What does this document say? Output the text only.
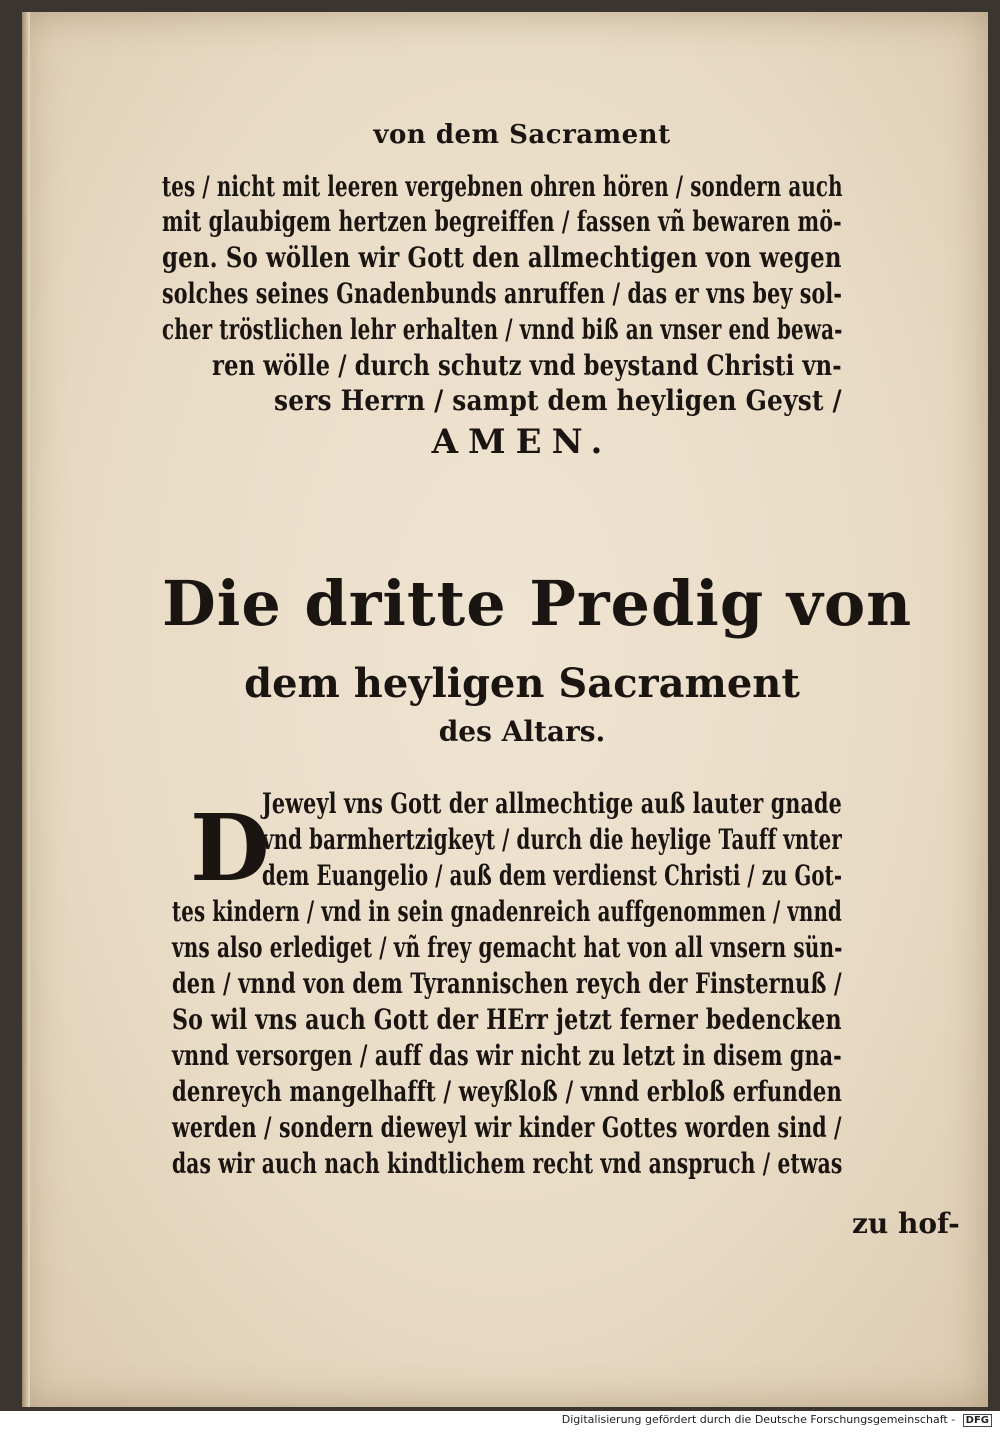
von dem Sacrament
tes / nicht mit leeren vergebnen ohren hören / sondern auch
mit glaubigem hertzen begreiffen / fassen vñ bewaren mö-
gen. So wöllen wir Gott den allmechtigen von wegen
solches seines Gnadenbunds anruffen / das er vns bey sol-
cher tröstlichen lehr erhalten / vnnd biß an vnser end bewa-
ren wölle / durch schutz vnd beystand Christi vn-
sers Herrn / sampt dem heyligen Geyst /
AMEN.
Die dritte Predig von
dem heyligen Sacrament
des Altars.
D
Jeweyl vns Gott der allmechtige auß lauter gnade
vnd barmhertzigkeyt / durch die heylige Tauff vnter
dem Euangelio / auß dem verdienst Christi / zu Got-
tes kindern / vnd in sein gnadenreich auffgenommen / vnnd
vns also erlediget / vñ frey gemacht hat von all vnsern sün-
den / vnnd von dem Tyrannischen reych der Finsternuß /
So wil vns auch Gott der HErr jetzt ferner bedencken
vnnd versorgen / auff das wir nicht zu letzt in disem gna-
denreych mangelhafft / weyßloß / vnnd erbloß erfunden
werden / sondern dieweyl wir kinder Gottes worden sind /
das wir auch nach kindtlichem recht vnd anspruch / etwas
zu hof-
Digitalisierung gefördert durch die Deutsche Forschungsgemeinschaft - DFG
